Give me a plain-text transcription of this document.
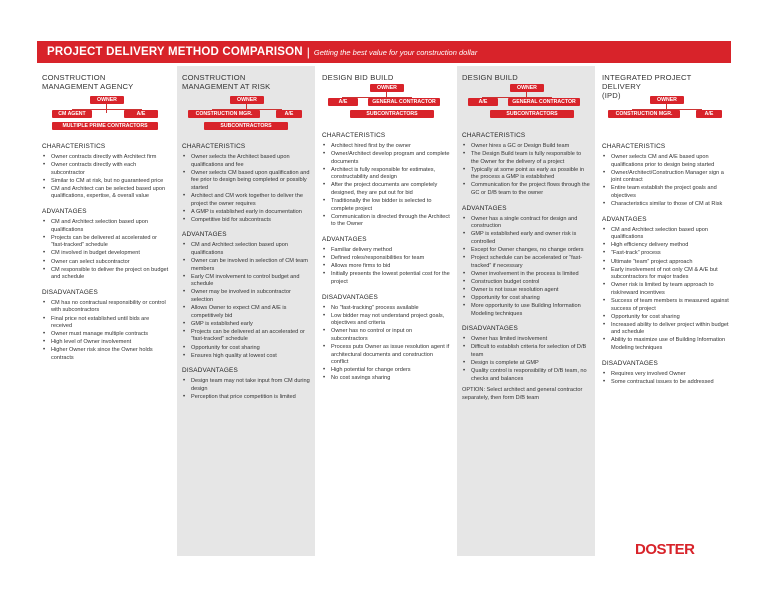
PROJECT DELIVERY METHOD COMPARISON | Getting the best value for your construction dollar
CONSTRUCTION
MANAGEMENT AGENCY
OWNER
CM AGENT	A/E
MULTIPLE PRIME CONTRACTORS
CHARACTERISTICS
• Owner contracts directly with Architect firm
• Owner contracts directly with each subcontractor
• Similar to CM at risk, but no guaranteed price
• CM and Architect can be selected based upon qualifications, expertise, & overall value
ADVANTAGES
• CM and Architect selection based upon qualifications
• Projects can be delivered at accelerated or “fast-tracked” schedule
• CM involved in budget development
• Owner can select subcontractor
• CM responsible to deliver the project on budget and schedule
DISADVANTAGES
• CM has no contractual responsibility or control with subcontractors
• Final price not established until bids are received
• Owner must manage multiple contracts
• High level of Owner involvement
• Higher Owner risk since the Owner holds contracts
CONSTRUCTION
MANAGEMENT AT RISK
OWNER
CONSTRUCTION MGR.	A/E
SUBCONTRACTORS
CHARACTERISTICS
• Owner selects the Architect based upon qualifications and fee
• Owner selects CM based upon qualification and fee prior to design being completed or possibly started
• Architect and CM work together to deliver the project the owner requires
• A GMP is established early in documentation
• Competitive bid for subcontracts
ADVANTAGES
• CM and Architect selection based upon qualifications
• Owner can be involved in selection of CM team members
• Early CM involvement to control budget and schedule
• Owner may be involved in subcontractor selection
• Allows Owner to expect CM and A/E is competitively bid
• GMP is established early
• Projects can be delivered at an accelerated or “fast-tracked” schedule
• Opportunity for cost sharing
• Ensures high quality at lowest cost
DISADVANTAGES
• Design team may not take input from CM during design
• Perception that price competition is limited
DESIGN BID BUILD
OWNER
A/E	GENERAL CONTRACTOR
SUBCONTRACTORS
CHARACTERISTICS
• Architect hired first by the owner
• Owner/Architect develop program and complete documents
• Architect is fully responsible for estimates, constructability and design
• After the project documents are completely designed, they are put out for bid
• Traditionally the low bidder is selected to complete project
• Communication is directed through the Architect to the Owner
ADVANTAGES
• Familiar delivery method
• Defined roles/responsibilities for team
• Allows more firms to bid
• Initially presents the lowest potential cost for the project
DISADVANTAGES
• No “fast-tracking” process available
• Low bidder may not understand project goals, objectives and criteria
• Owner has no control or input on subcontractors
• Process puts Owner as issue resolution agent if architectural documents and construction conflict
• High potential for change orders
• No cost savings sharing
DESIGN BUILD
OWNER
A/E	GENERAL CONTRACTOR
SUBCONTRACTORS
CHARACTERISTICS
• Owner hires a GC or Design Build team
• The Design Build team is fully responsible to the Owner for the delivery of a project
• Typically at some point as early as possible in the process a GMP is established
• Communication for the project flows through the GC or D/B team to the owner
ADVANTAGES
• Owner has a single contract for design and construction
• GMP is established early and owner risk is controlled
• Except for Owner changes, no change orders
• Project schedule can be accelerated or “fast-tracked” if necessary
• Owner involvement in the process is limited
• Construction budget control
• Owner is not issue resolution agent
• Opportunity for cost sharing
• More opportunity to use Building Information Modeling techniques
DISADVANTAGES
• Owner has limited involvement
• Difficult to establish criteria for selection of D/B team
• Design is complete at GMP
• Quality control is responsibility of D/B team, no checks and balances
OPTION: Select architect and general contractor separately, then form D/B team
INTEGRATED PROJECT DELIVERY
(IPD)	OWNER
CONSTRUCTION MGR.	A/E
CHARACTERISTICS
• Owner selects CM and A/E based upon qualifications prior to design being started
• Owner/Architect/Construction Manager sign a joint contract
• Entire team establish the project goals and objectives
• Characteristics similar to those of CM at Risk
ADVANTAGES
• CM and Architect selection based upon qualifications
• High efficiency delivery method
• “Fast-track” process
• Ultimate “team” project approach
• Early involvement of not only CM & A/E but subcontractors for major trades
• Owner risk is limited by team approach to risk/reward incentives
• Success of team members is measured against success of project
• Opportunity for cost sharing
• Increased ability to deliver project within budget and schedule
• Ability to maximize use of Building Information Modeling techniques
DISADVANTAGES
• Requires very involved Owner
• Some contractual issues to be addressed
DOSTER
